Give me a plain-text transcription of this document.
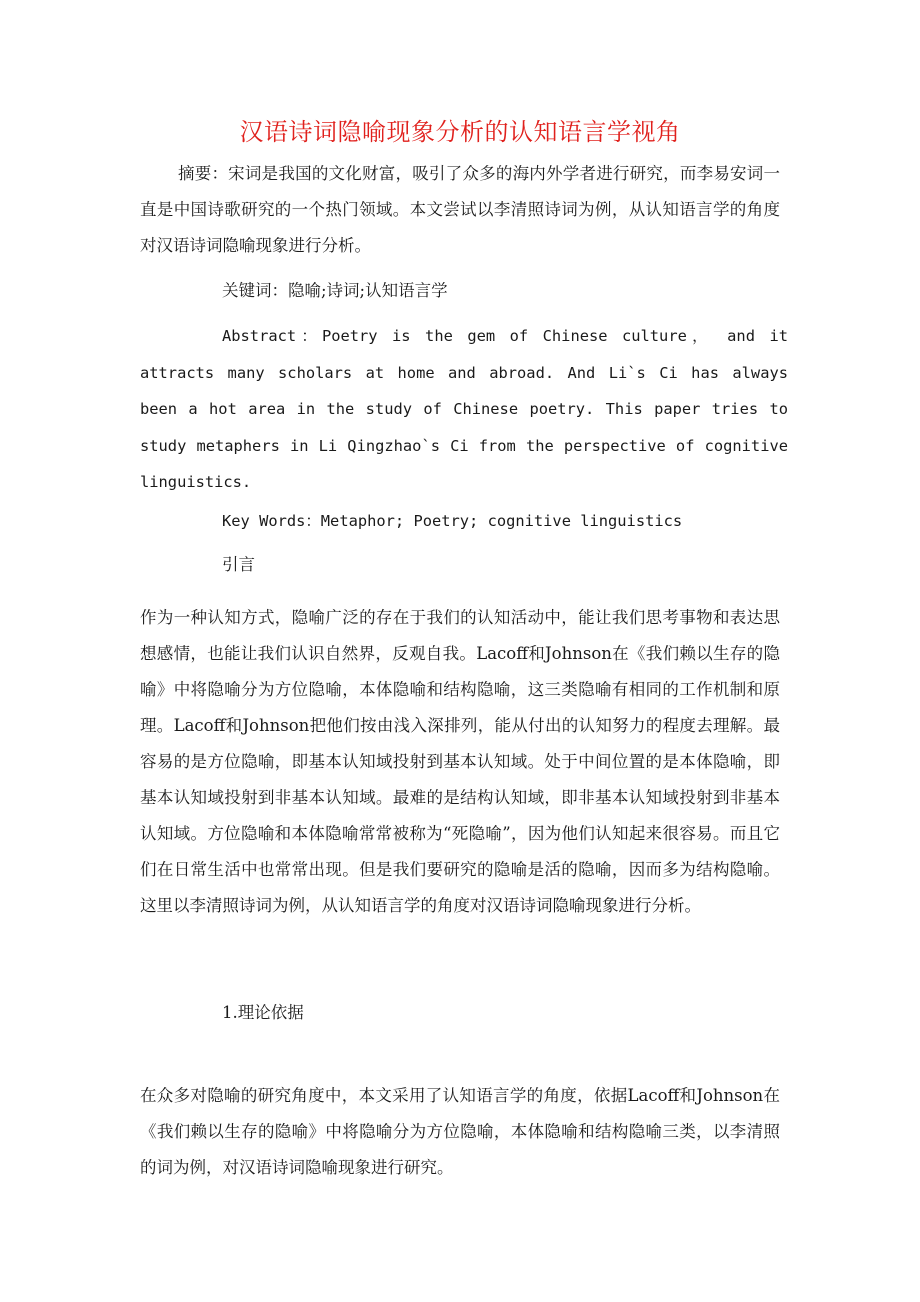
汉语诗词隐喻现象分析的认知语言学视角
摘要：宋词是我国的文化财富，吸引了众多的海内外学者进行研究，而李易安词一直是中国诗歌研究的一个热门领域。本文尝试以李清照诗词为例，从认知语言学的角度对汉语诗词隐喻现象进行分析。
关键词：隐喻;诗词;认知语言学
Abstract：Poetry is the gem of Chinese culture， and it attracts many scholars at home and abroad. And Li`s Ci has always been a hot area in the study of Chinese poetry. This paper tries to study metaphers in Li Qingzhao`s Ci from the perspective of cognitive linguistics.
Key Words：Metaphor; Poetry; cognitive linguistics
引言
作为一种认知方式，隐喻广泛的存在于我们的认知活动中，能让我们思考事物和表达思想感情，也能让我们认识自然界，反观自我。Lacoff和Johnson在《我们赖以生存的隐喻》中将隐喻分为方位隐喻，本体隐喻和结构隐喻，这三类隐喻有相同的工作机制和原理。Lacoff和Johnson把他们按由浅入深排列，能从付出的认知努力的程度去理解。最容易的是方位隐喻，即基本认知域投射到基本认知域。处于中间位置的是本体隐喻，即基本认知域投射到非基本认知域。最难的是结构认知域，即非基本认知域投射到非基本认知域。方位隐喻和本体隐喻常常被称为“死隐喻”，因为他们认知起来很容易。而且它们在日常生活中也常常出现。但是我们要研究的隐喻是活的隐喻，因而多为结构隐喻。这里以李清照诗词为例，从认知语言学的角度对汉语诗词隐喻现象进行分析。
1.理论依据
在众多对隐喻的研究角度中，本文采用了认知语言学的角度，依据Lacoff和Johnson在《我们赖以生存的隐喻》中将隐喻分为方位隐喻，本体隐喻和结构隐喻三类，以李清照的词为例，对汉语诗词隐喻现象进行研究。
